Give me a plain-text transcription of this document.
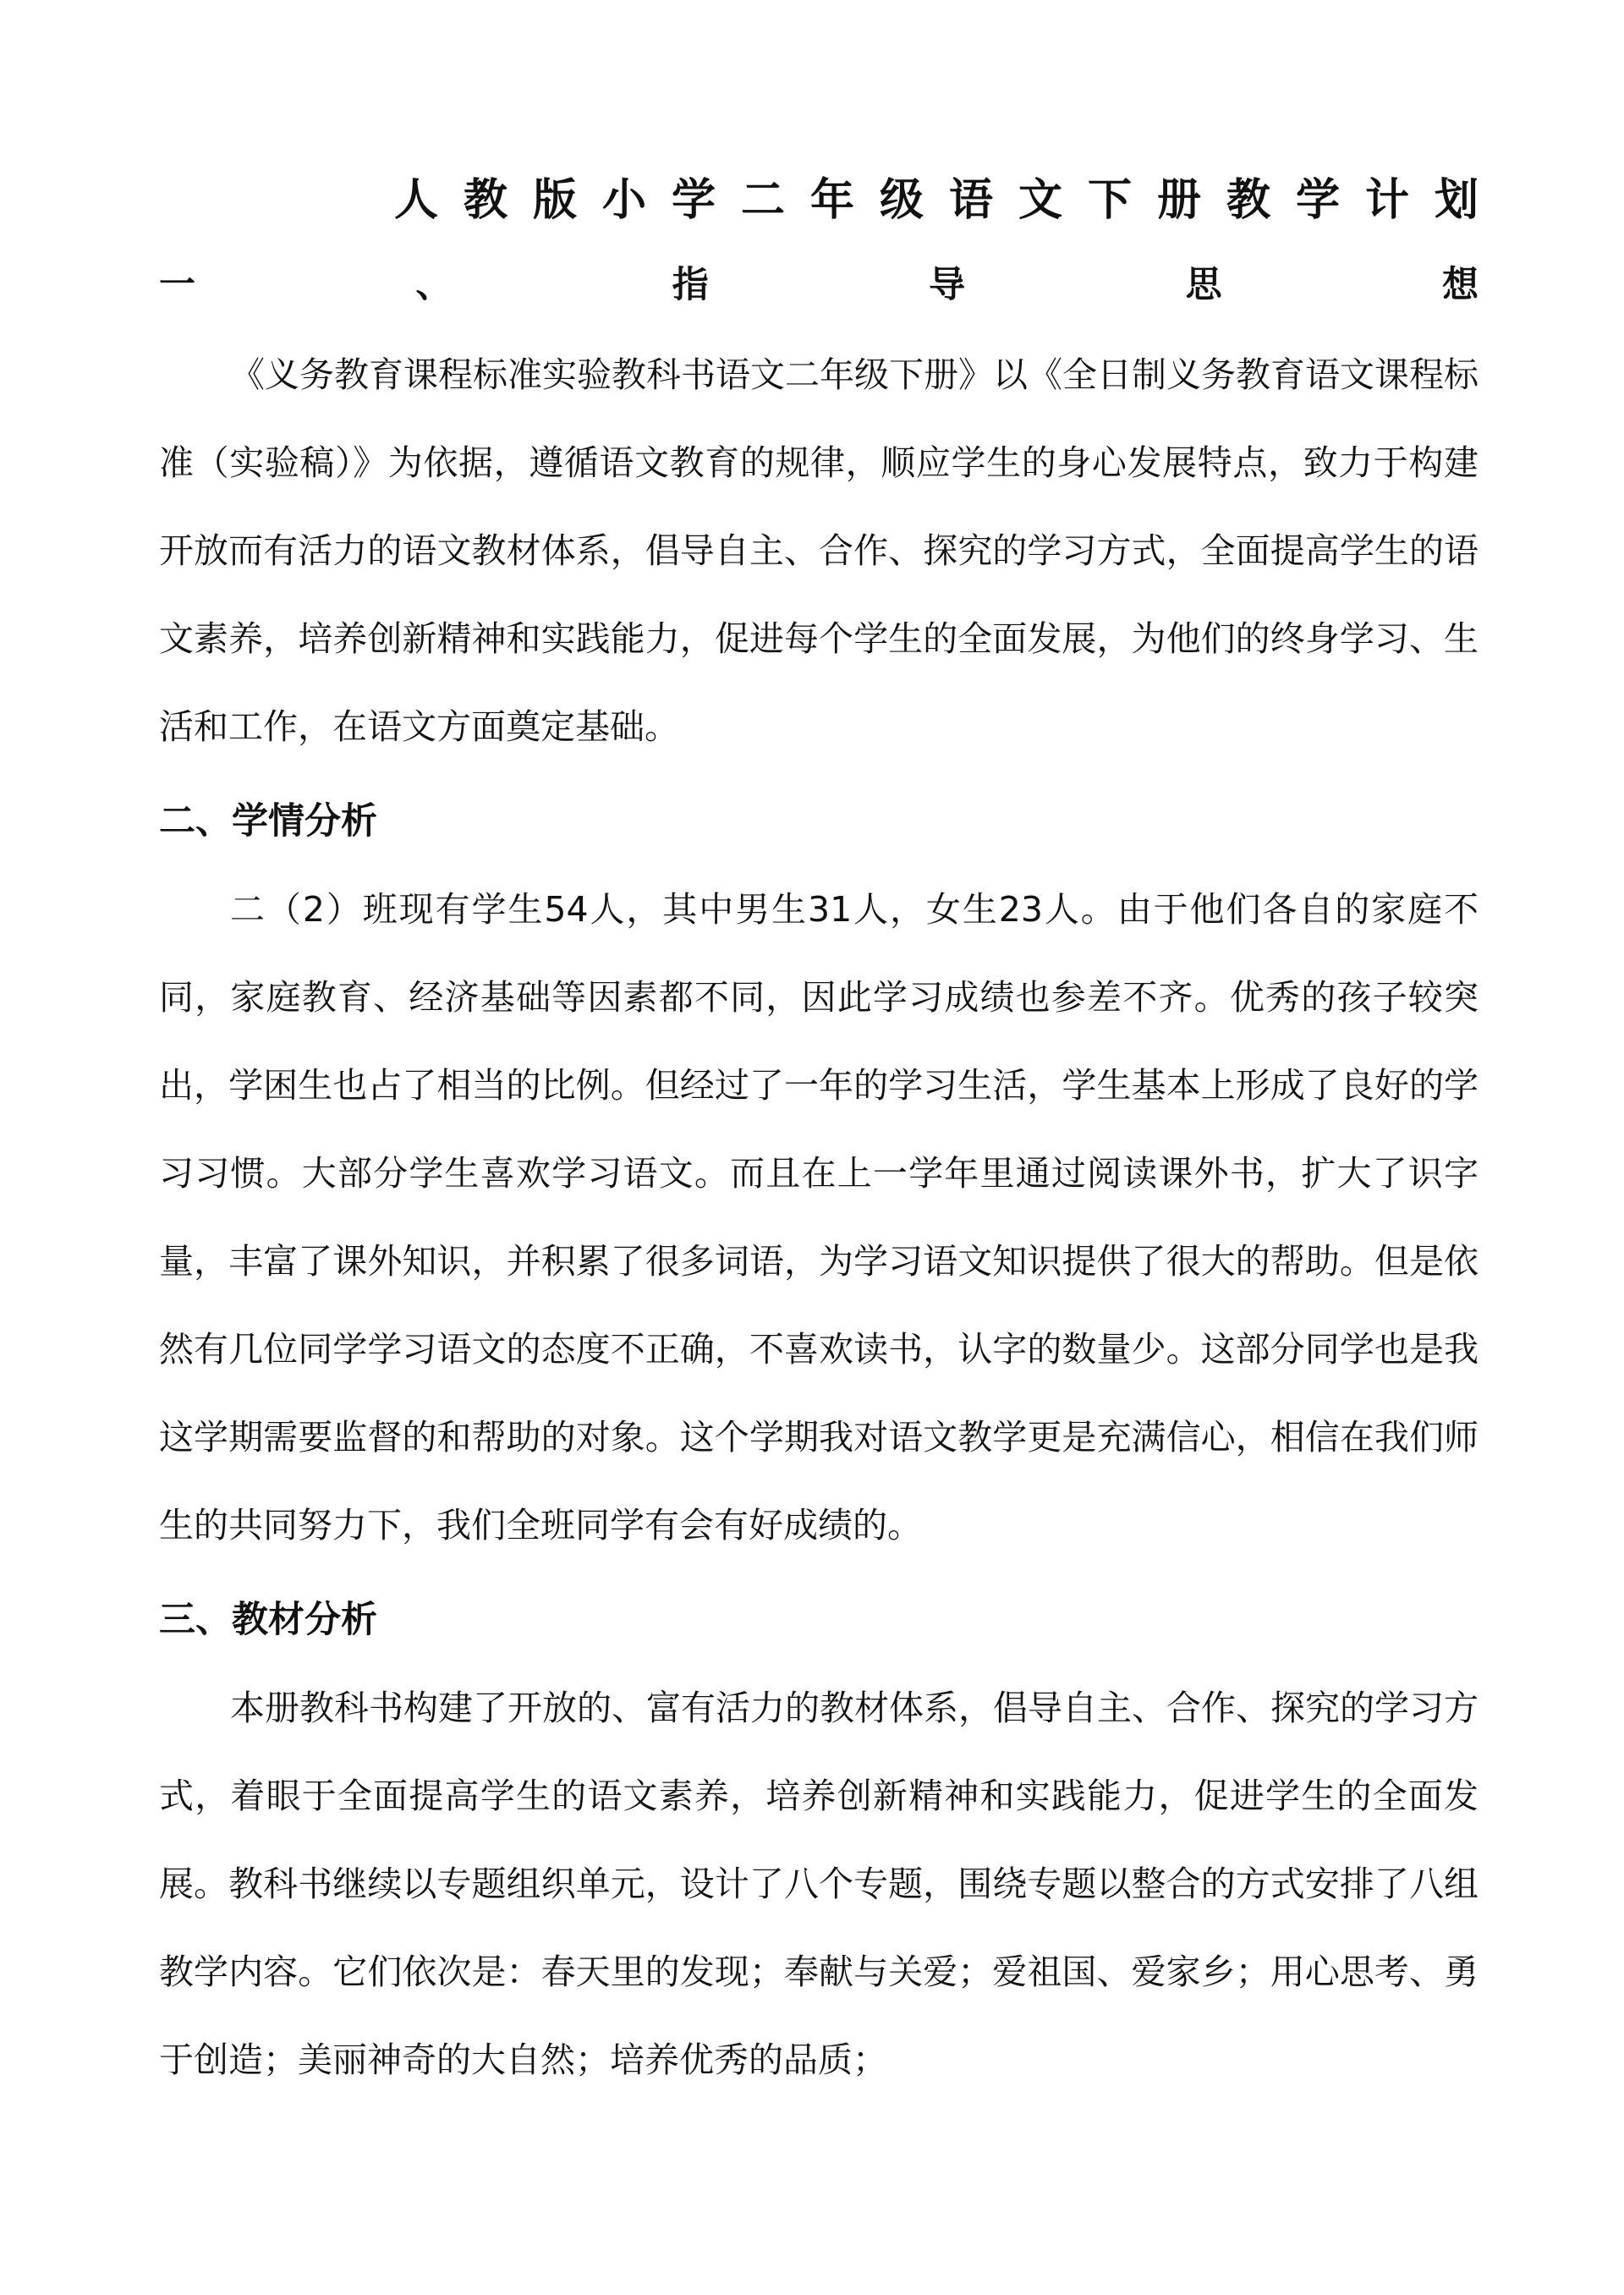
人教版小学二年级语文下册教学计划
一	、	指	导	思	想

《义务教育课程标准实验教科书语文二年级下册》以《全日制义务教育语文课程标准（实验稿）》为依据，遵循语文教育的规律，顺应学生的身心发展特点，致力于构建开放而有活力的语文教材体系，倡导自主、合作、探究的学习方式，全面提高学生的语文素养，培养创新精神和实践能力，促进每个学生的全面发展，为他们的终身学习、生活和工作，在语文方面奠定基础。

二、学情分析

二（2）班现有学生54人，其中男生31人，女生23人。由于他们各自的家庭不同，家庭教育、经济基础等因素都不同，因此学习成绩也参差不齐。优秀的孩子较突出，学困生也占了相当的比例。但经过了一年的学习生活，学生基本上形成了良好的学习习惯。大部分学生喜欢学习语文。而且在上一学年里通过阅读课外书，扩大了识字量，丰富了课外知识，并积累了很多词语，为学习语文知识提供了很大的帮助。但是依然有几位同学学习语文的态度不正确，不喜欢读书，认字的数量少。这部分同学也是我这学期需要监督的和帮助的对象。这个学期我对语文教学更是充满信心，相信在我们师生的共同努力下，我们全班同学有会有好成绩的。

三、教材分析

本册教科书构建了开放的、富有活力的教材体系，倡导自主、合作、探究的学习方式，着眼于全面提高学生的语文素养，培养创新精神和实践能力，促进学生的全面发展。教科书继续以专题组织单元，设计了八个专题，围绕专题以整合的方式安排了八组教学内容。它们依次是：春天里的发现；奉献与关爱；爱祖国、爱家乡；用心思考、勇于创造；美丽神奇的大自然；培养优秀的品质；
